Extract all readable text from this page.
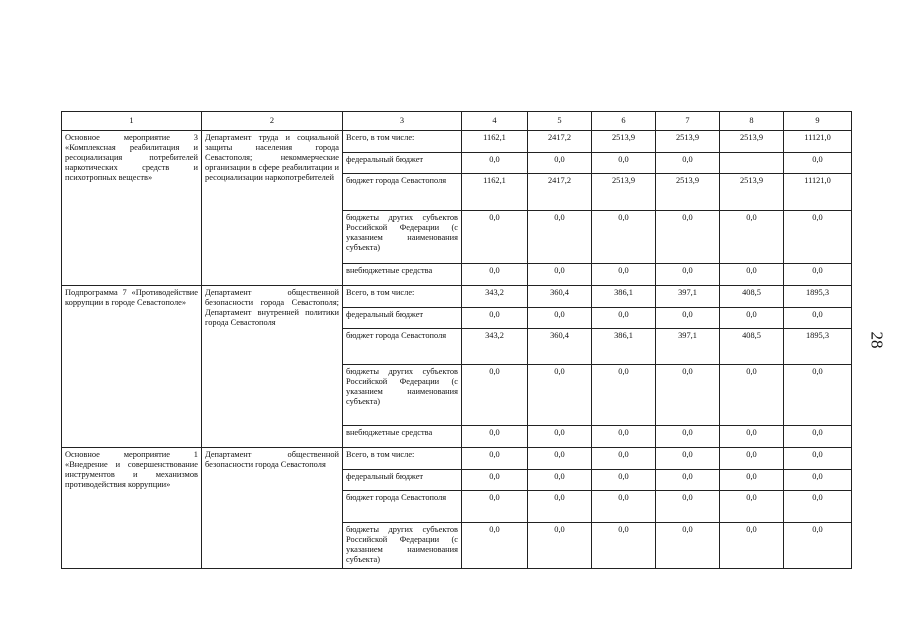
1	2	3	4	5	6	7	8	9
Основное мероприятие 3 «Комплексная реабилитация и ресоциализация потребителей наркотических средств и психотропных веществ»	Департамент труда и социальной защиты населения города Севастополя; некоммерческие организации в сфере реабилитации и ресоциализации наркопотребителей	Всего, в том числе:	1162,1	2417,2	2513,9	2513,9	2513,9	11121,0
		федеральный бюджет	0,0	0,0	0,0	0,0		0,0
		бюджет города Севастополя	1162,1	2417,2	2513,9	2513,9	2513,9	11121,0
		бюджеты других субъектов Российской Федерации (с указанием наименования субъекта)	0,0	0,0	0,0	0,0	0,0	0,0
		внебюджетные средства	0,0	0,0	0,0	0,0	0,0	0,0
Подпрограмма 7 «Противодействие коррупции в городе Севастополе»	Департамент общественной безопасности города Севастополя; Департамент внутренней политики города Севастополя	Всего, в том числе:	343,2	360,4	386,1	397,1	408,5	1895,3
		федеральный бюджет	0,0	0,0	0,0	0,0	0,0	0,0
		бюджет города Севастополя	343,2	360,4	386,1	397,1	408,5	1895,3
		бюджеты других субъектов Российской Федерации (с указанием наименования субъекта)	0,0	0,0	0,0	0,0	0,0	0,0
		внебюджетные средства	0,0	0,0	0,0	0,0	0,0	0,0
Основное мероприятие 1 «Внедрение и совершенствование инструментов и механизмов противодействия коррупции»	Департамент общественной безопасности города Севастополя	Всего, в том числе:	0,0	0,0	0,0	0,0	0,0	0,0
		федеральный бюджет	0,0	0,0	0,0	0,0	0,0	0,0
		бюджет города Севастополя	0,0	0,0	0,0	0,0	0,0	0,0
		бюджеты других субъектов Российской Федерации (с указанием наименования субъекта)	0,0	0,0	0,0	0,0	0,0	0,0
28
